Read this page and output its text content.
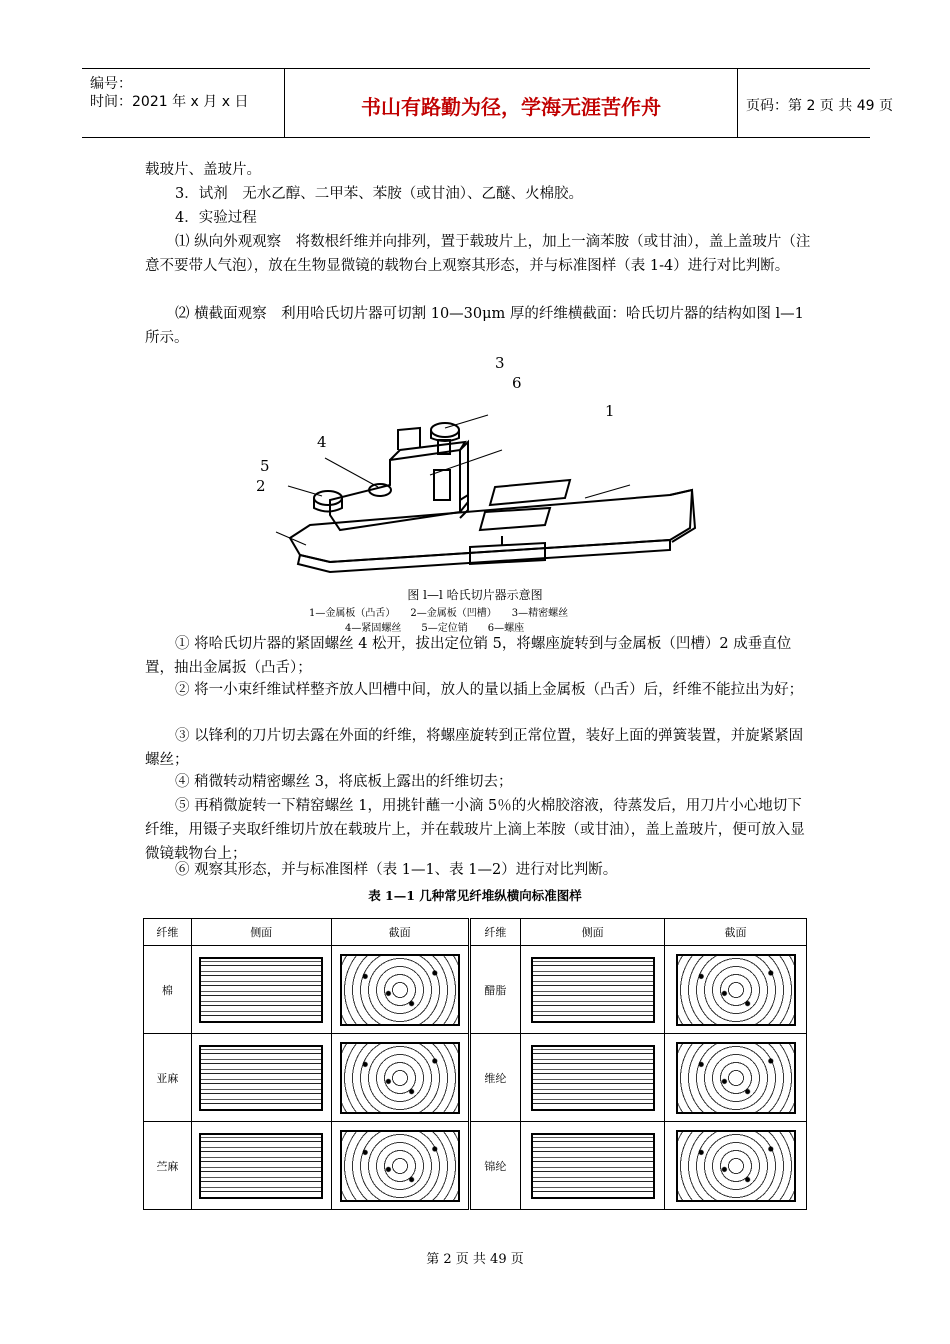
编号：
时间：2021 年 x 月 x 日	书山有路勤为径，学海无涯苦作舟	页码：第 2 页 共 49 页
载玻片、盖玻片。
3．试剂　无水乙醇、二甲苯、苯胺（或甘油）、乙醚、火棉胶。
4．实验过程
⑴ 纵向外观观察　将数根纤维并向排列，置于载玻片上，加上一滴苯胺（或甘油），盖上盖玻片（注意不要带人气泡），放在生物显微镜的载物台上观察其形态，并与标准图样（表 1-4）进行对比判断。
⑵ 横截面观察　利用哈氏切片器可切割 10—30μm 厚的纤维横截面：哈氏切片器的结构如图 l—1 所示。
3
6
1
4
5
2
图 l—l 哈氏切片器示意图
1—金属板（凸舌）　　2—金属板（凹槽）　　3—精密螺丝
4—紧固螺丝　　5—定位销　　6—螺座
① 将哈氏切片器的紧固螺丝 4 松开，拔出定位销 5，将螺座旋转到与金属板（凹槽）2 成垂直位置，抽出金属扳（凸舌）；
② 将一小束纤维试样整齐放人凹槽中间，放人的量以插上金属板（凸舌）后，纤维不能拉出为好；
③ 以锋利的刀片切去露在外面的纤维，将螺座旋转到正常位置，装好上面的弹簧装置，并旋紧紧固螺丝；
④ 稍微转动精密螺丝 3，将底板上露出的纤维切去；
⑤ 再稍微旋转一下精窑螺丝 1，用挑针蘸一小滴 5％的火棉胶溶液，待蒸发后，用刀片小心地切下纤维，用镊子夹取纤维切片放在载玻片上，并在载玻片上滴上苯胺（或甘油），盖上盖玻片，便可放入显微镜载物台上；
⑥ 观察其形态，并与标准图样（表 1—1、表 1—2）进行对比判断。
表 1—1 几种常见纤堆纵横向标准图样
纤维	侧面	截面	纤维	侧面	截面
棉			醋脂	

亚麻			维纶	

苎麻			锦纶	

第 2 页 共 49 页
